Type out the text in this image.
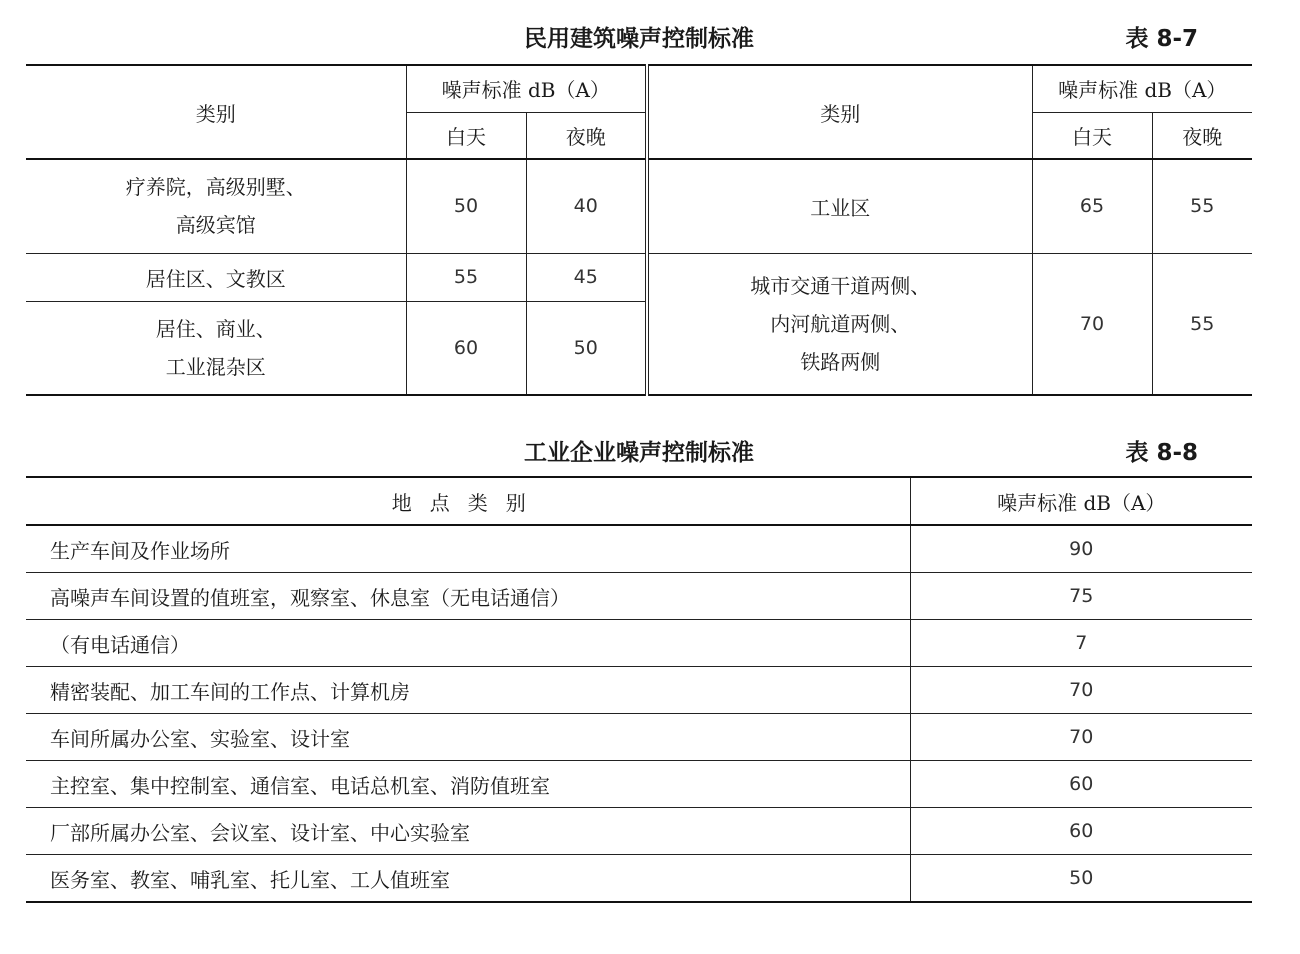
民用建筑噪声控制标准	表 8-7
类别	噪声标准 dB（A）		类别	噪声标准 dB（A）	
	白天	夜晚		白天	夜晚

疗养院，高级别墅、
高级宾馆	50	40	工业区	65	55

居住区、文教区	55	45	城市交通干道两侧、
内河航道两侧、
铁路两侧	70	55

居住、商业、
工业混杂区	60	50			
工业企业噪声控制标准	表 8-8
地点类别	噪声标准 dB（A）
生产车间及作业场所	90
高噪声车间设置的值班室，观察室、休息室（无电话通信）	75
（有电话通信）	7
精密装配、加工车间的工作点、计算机房	70
车间所属办公室、实验室、设计室	70
主控室、集中控制室、通信室、电话总机室、消防值班室	60
厂部所属办公室、会议室、设计室、中心实验室	60
医务室、教室、哺乳室、托儿室、工人值班室	50
